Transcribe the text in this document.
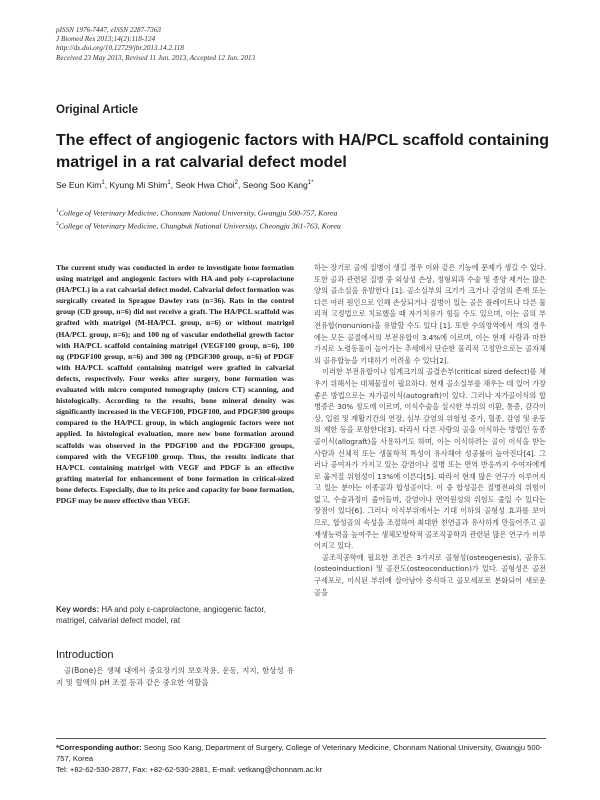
pISSN 1976-7447, eISSN 2287-7363
J Biomed Res 2013;14(2):118-124
http://dx.doi.org/10.12729/jbr.2013.14.2.118
Received 23 May 2013, Revised 11 Jun. 2013, Accepted 12 Jun. 2013
Original Article
The effect of angiogenic factors with HA/PCL scaffold containing matrigel in a rat calvarial defect model
Se Eun Kim$^1$, Kyung Mi Shim$^1$, Seok Hwa Choi$^2$, Seong Soo Kang$^{1*}$
$^1$College of Veterinary Medicine, Chonnam National University, Gwangju 500-757, Korea
$^2$College of Veterinary Medicine, Chungbuk National University, Cheongju 361-763, Korea

The current study was conducted in order to investigate bone formation using matrigel and angiogenic factors with HA and poly ε-caprolactone (HA/PCL) in a rat calvarial defect model. Calvarial defect formation was surgically created in Sprague Dawley rats (n=36). Rats in the control group (CD group, n=6) did not receive a graft. The HA/PCL scaffold was grafted with matrigel (M-HA/PCL group, n=6) or without matrigel (HA/PCL group, n=6); and 100 ng of vascular endothelial growth factor with HA/PCL scaffold containing matrigel (VEGF100 group, n=6), 100 ng (PDGF100 group, n=6) and 300 ng (PDGF300 group, n=6) of PDGF with HA/PCL scaffold containing matrigel were grafted in calvarial defects, respectively. Four weeks after surgery, bone formation was evaluated with micro computed tomography (micro CT) scanning, and histologically. According to the results, bone mineral density was significantly increased in the VEGF100, PDGF100, and PDGF300 groups compared to the HA/PCL group, in which angiogenic factors were not applied. In histological evaluation, more new bone formation around scaffolds was observed in the PDGF100 and the PDGF300 groups, compared with the VEGF100 group. Thus, the results indicate that HA/PCL containing matrigel with VEGF and PDGF is an effective grafting material for enhancement of bone formation in critical-sized bone defects. Especially, due to its price and capacity for bone formation, PDGF may be more effective than VEGF.

Key words: HA and poly ε-caprolactone, angiogenic factor, matrigel, calvarial defect model, rat

Introduction

골(Bone)은 생체 내에서 중요장기의 보호작용, 운동, 지지, 항상성 유지 및 혈액의 pH 조절 등과 같은 중요한 역할을

하는 장기로 골에 질병이 생길 경우 이와 같은 기능에 문제가 생길 수 있다. 또한 골과 관련된 질병 중 외상성 손상, 정형외과 수술 및 종양 제거는 많은 양의 골소실을 유발한다 [1]. 골소실부의 크기가 크거나 감염의 존재 또는 다른 여러 원인으로 인해 손상되거나 질병이 있는 골은 플레이트나 다른 물리적 고정법으로 치료했을 때 자가치유가 힘들 수도 있으며, 이는 골의 부전유합(nonunion)을 유발할 수도 있다 [1]. 또한 수의영역에서 개의 경우에는 모든 골절에서의 부전유합이 3.4%에 이르며, 이는 현재 사람과 마찬가지로 노령동물이 늘어가는 추세에서 단순한 물리적 고정만으로는 골자체의 골유합능을 기대하기 어려울 수 있다[2].

이러한 부전유합이나 임계크기의 골결손부(critical sized defect)를 채우기 위해서는 대체물질이 필요하다. 현재 골소실부를 채우는 데 있어 가장 좋은 방법으로는 자가골이식(autograft)이 있다. 그러나 자가골이식의 합병증은 30% 정도에 이르며, 이식수술을 실시한 부위의 이환, 통증, 감각이상, 입원 및 재활기간의 연장, 심부 감염의 위험성 증가, 혈종, 감염 및 운동의 제한 등을 포함한다[3]. 따라서 다른 사람의 골을 이식하는 방법인 동종골이식(allograft)을 사용하기도 하며, 이는 이식하려는 골이 이식을 받는 사람과 신체적 또는 생물학적 특성이 유사해야 성공률이 높아진다[4]. 그러나 공여자가 가지고 있는 감염이나 질병 또는 면역 반응까지 수여자에게로 옮겨질 위험성이 13%에 이른다[5]. 따라서 현재 많은 연구가 이루어지고 있는 분야는 이종골과 합성골이다. 이 중 합성골은 질병전파의 위험이 없고, 수술과정이 줄어들며, 감염이나 면역원성의 위험도 줄일 수 있다는 장점이 있다[6]. 그러나 이식부위에서는 기대 이하의 골형성 효과를 보이므로, 합성골의 속성을 조절하여 최대한 천연골과 유사하게 만들어주고 골재생능력을 높여주는 생체모방학적 골조직공학과 관련된 많은 연구가 이루어지고 있다.

골조직공학에 필요한 조건은 3가지로 골형성(osteogenesis), 골유도(osteoinduction) 및 골전도(osteoconduction)가 있다. 골형성은 골전구세포로, 이식된 부위에 살아남아 증식하고 골모세포로 분화되어 새로운 골을

*Corresponding author: Seong Soo Kang, Department of Surgery, College of Veterinary Medicine, Chonnam National University, Gwangju 500-757, Korea
Tel: +82-62-530-2877, Fax: +82-62-530-2881, E-mail: vetkang@chonnam.ac.kr
